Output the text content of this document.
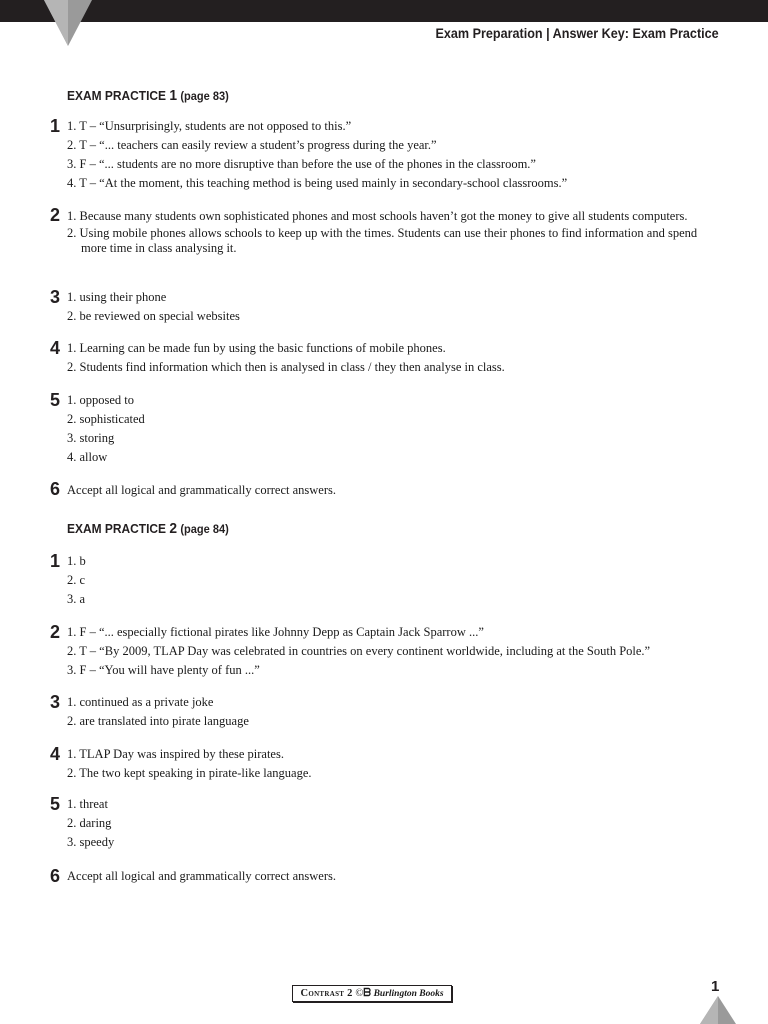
Exam Preparation | Answer Key: Exam Practice
EXAM PRACTICE 1 (page 83)
1 1. T – “Unsurprisingly, students are not opposed to this.”
2. T – “... teachers can easily review a student’s progress during the year.”
3. F – “... students are no more disruptive than before the use of the phones in the classroom.”
4. T – “At the moment, this teaching method is being used mainly in secondary-school classrooms.”
2 1. Because many students own sophisticated phones and most schools haven’t got the money to give all students computers.
2. Using mobile phones allows schools to keep up with the times. Students can use their phones to find information and spend more time in class analysing it.
3 1. using their phone
2. be reviewed on special websites
4 1. Learning can be made fun by using the basic functions of mobile phones.
2. Students find information which then is analysed in class / they then analyse in class.
5 1. opposed to
2. sophisticated
3. storing
4. allow
6 Accept all logical and grammatically correct answers.
EXAM PRACTICE 2 (page 84)
1 1. b
2. c
3. a
2 1. F – “... especially fictional pirates like Johnny Depp as Captain Jack Sparrow ...”
2. T – “By 2009, TLAP Day was celebrated in countries on every continent worldwide, including at the South Pole.”
3. F – “You will have plenty of fun ...”
3 1. continued as a private joke
2. are translated into pirate language
4 1. TLAP Day was inspired by these pirates.
2. The two kept speaking in pirate-like language.
5 1. threat
2. daring
3. speedy
6 Accept all logical and grammatically correct answers.
Contrast 2 ©ᗷ Burlington Books	1
